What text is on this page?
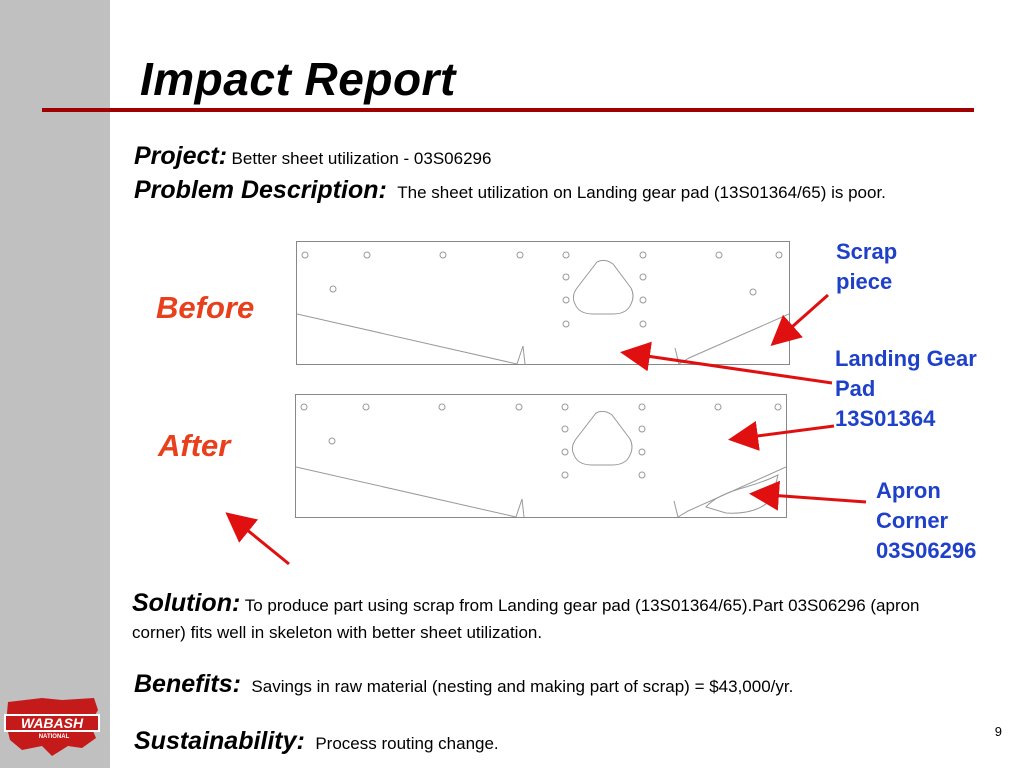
Impact Report
Project: Better sheet utilization - 03S06296
Problem Description: The sheet utilization on Landing gear pad (13S01364/65) is poor.
Before
After
Scrap
piece
Landing Gear
Pad
13S01364
Apron
Corner
03S06296
Solution: To produce part using scrap from Landing gear pad (13S01364/65).Part 03S06296 (apron corner) fits well in skeleton with better sheet utilization.
Benefits: Savings in raw material (nesting and making part of scrap) = $43,000/yr.
Sustainability: Process routing change.
9
WABASH
NATIONAL
